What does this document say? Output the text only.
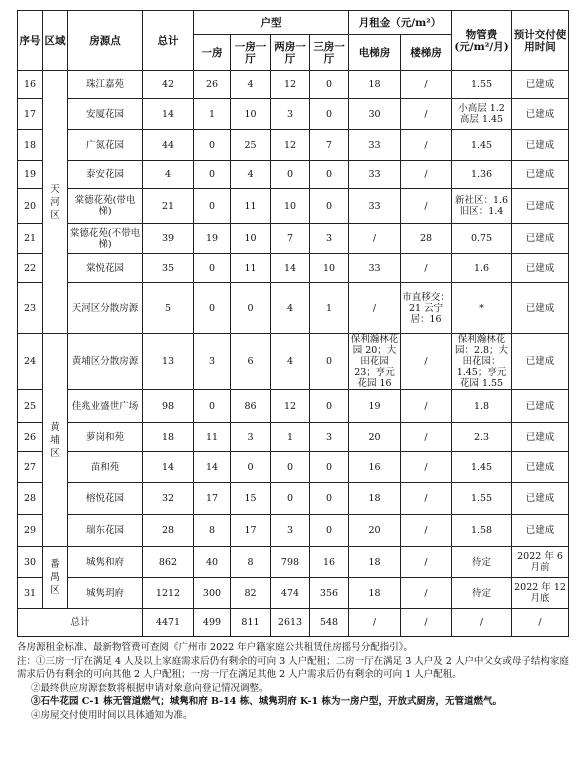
序号	区域	房源点	总计	户型				月租金（元/m²）		物管费(元/m²/月)	预计交付使用时间
				一房	一房一厅	两房一厅	三房一厅	电梯房	楼梯房		
16	天河区	珠江嘉苑	42	26	4	12	0	18	/	1.55	已建成
17		安厦花园	14	1	10	3	0	30	/	小高层 1.2 高层 1.45	已建成
18		广氮花园	44	0	25	12	7	33	/	1.45	已建成
19		泰安花园	4	0	4	0	0	33	/	1.36	已建成
20		棠德花苑(带电梯)	21	0	11	10	0	33	/	新社区：1.6 旧区：1.4	已建成
21		棠德花苑(不带电梯)	39	19	10	7	3	/	28	0.75	已建成
22		棠悦花园	35	0	11	14	10	33	/	1.6	已建成
23		天河区分散房源	5	0	0	4	1	/	市直移交：21 云宁居：16	*	已建成
24	黄埔区	黄埔区分散房源	13	3	6	4	0	保利瀚林花园 20；大田花园 23；亨元花园 16	/	保利瀚林花园：2.8；大田花园：1.45；亨元花园 1.55	已建成
25		佳兆业盛世广场	98	0	86	12	0	19	/	1.8	已建成
26		萝岗和苑	18	11	3	1	3	20	/	2.3	已建成
27		苗和苑	14	14	0	0	0	16	/	1.45	已建成
28		榕悦花园	32	17	15	0	0	18	/	1.55	已建成
29		瑞东花园	28	8	17	3	0	20	/	1.58	已建成
30	番禺区	城隽和府	862	40	8	798	16	18	/	待定	2022 年 6 月前
31		城隽玥府	1212	300	82	474	356	18	/	待定	2022 年 12 月底
总计			4471	499	811	2613	548	/	/	/	/

各房源租金标准、最新物管费可查阅《广州市 2022 年户籍家庭公共租赁住房摇号分配指引》。

注：①三房一厅在满足 4 人及以上家庭需求后仍有剩余的可向 3 人户配租；二房一厅在满足 3 人户及 2 人户中父女或母子结构家庭需求后仍有剩余的可向其他 2 人户配租；一房一厅在满足其他 2 人户需求后仍有剩余的可向 1 人户配租。

②最终供应房源套数将根据申请对象意向登记情况调整。

③石牛花园 C-1 栋无管道燃气；城隽和府 B-14 栋、城隽玥府 K-1 栋为一房户型，开放式厨房，无管道燃气。

④房屋交付使用时间以具体通知为准。
